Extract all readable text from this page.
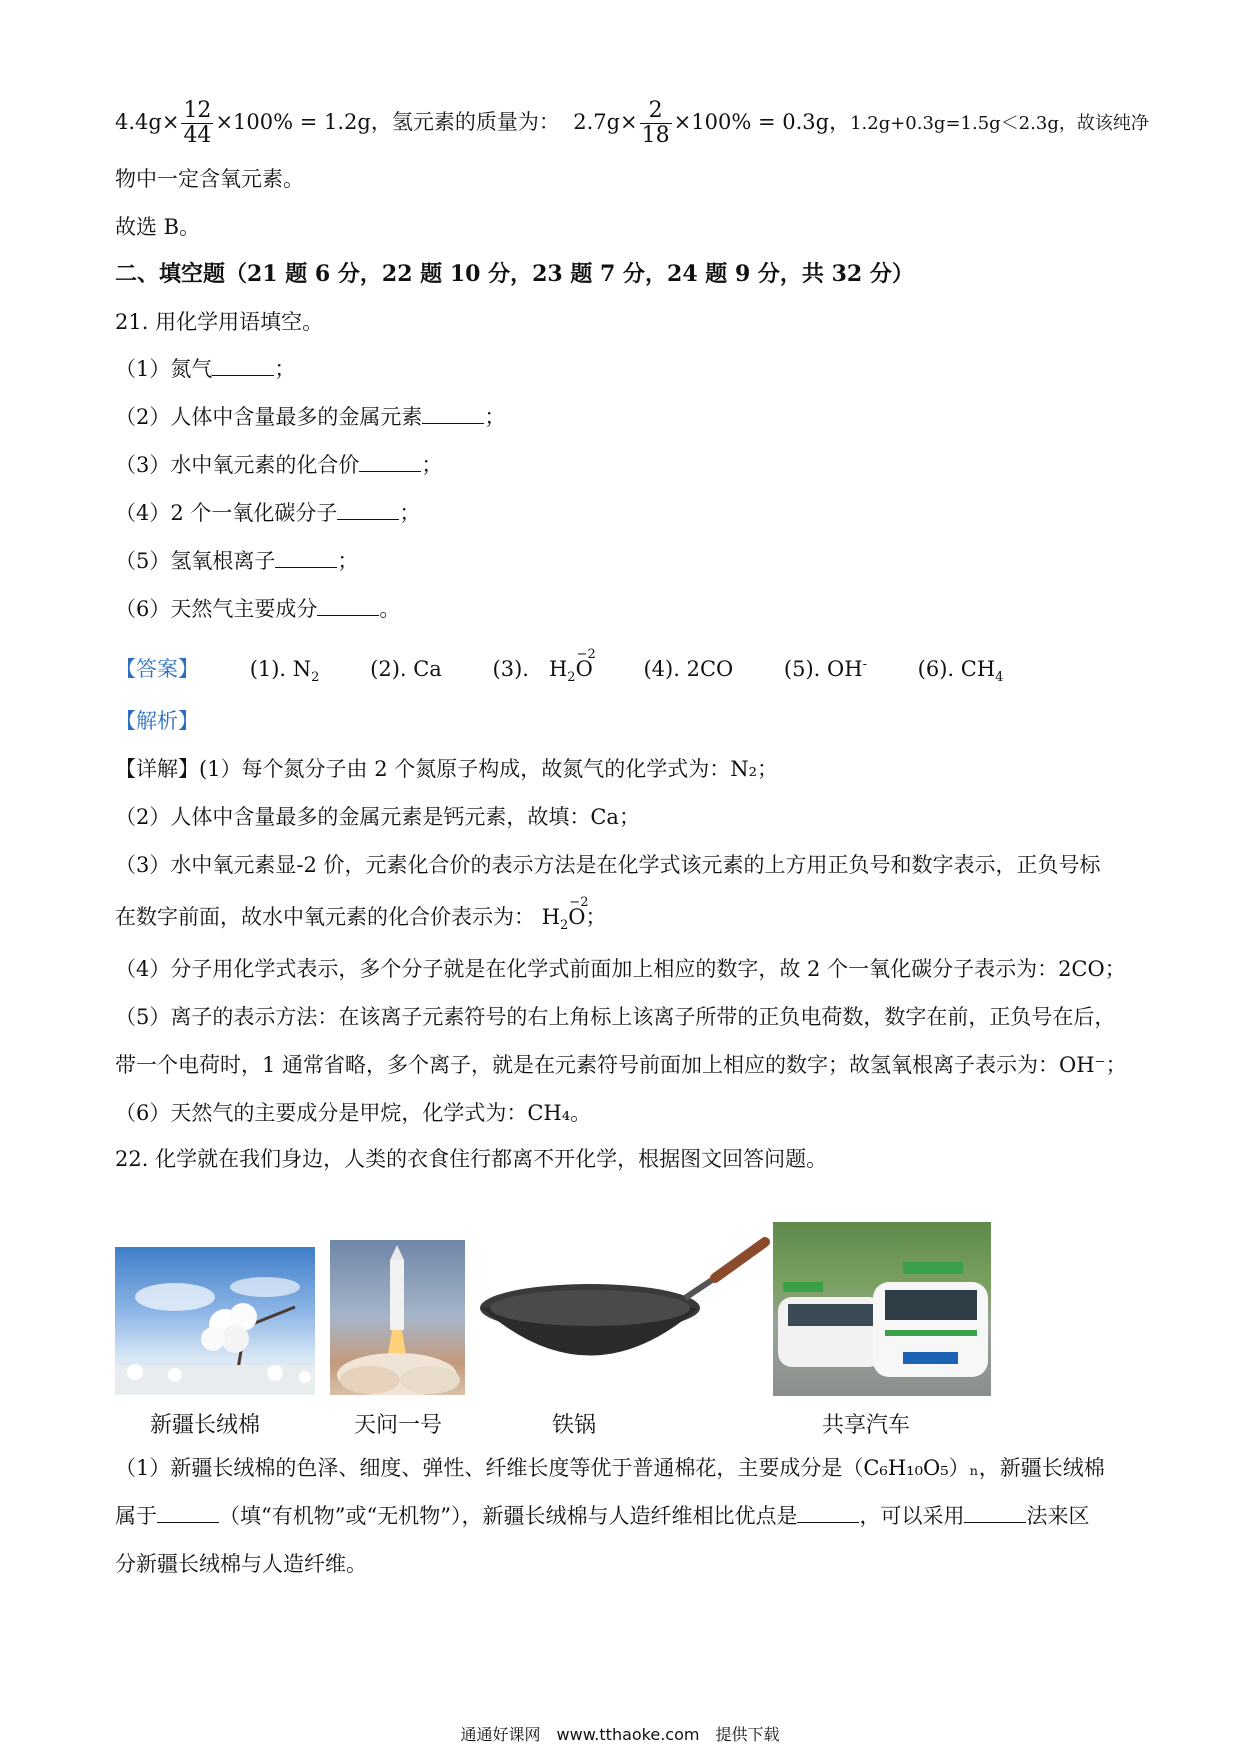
$4.4g\times \frac{12}{44} \times 100\% = 1.2g$，氢元素的质量为： $2.7g\times \frac{2}{18} \times 100\% = 0.3g$，1.2g+0.3g=1.5g＜2.3g，故该纯净
物中一定含氧元素。
故选 B。
二、填空题（21 题 6 分，22 题 10 分，23 题 7 分，24 题 9 分，共 32 分）
21. 用化学用语填空。
（1）氮气	；
（2）人体中含量最多的金属元素	；
（3）水中氧元素的化合价	；
（4）2 个一氧化碳分子	；
（5）氢氧根离子	；
（6）天然气主要成分	。
【答案】 (1). $N_2$ (2). Ca (3). $H_2$
−2
O (4). 2CO (5). OH- (6). $CH_4$
【解析】
【详解】(1）每个氮分子由 2 个氮原子构成，故氮气的化学式为：N₂；
（2）人体中含量最多的金属元素是钙元素，故填：Ca；
（3）水中氧元素显-2 价，元素化合价的表示方法是在化学式该元素的上方用正负号和数字表示，正负号标
在数字前面，故水中氧元素的化合价表示为： $H_2$
−2
O；
（4）分子用化学式表示，多个分子就是在化学式前面加上相应的数字，故 2 个一氧化碳分子表示为：2CO；
（5）离子的表示方法：在该离子元素符号的右上角标上该离子所带的正负电荷数，数字在前，正负号在后，
带一个电荷时，1 通常省略，多个离子，就是在元素符号前面加上相应的数字；故氢氧根离子表示为：OH⁻；
（6）天然气的主要成分是甲烷，化学式为：CH₄。
22. 化学就在我们身边，人类的衣食住行都离不开化学，根据图文回答问题。
新疆长绒棉	天问一号	铁锅	共享汽车
（1）新疆长绒棉的色泽、细度、弹性、纤维长度等优于普通棉花，主要成分是（C₆H₁₀O₅）ₙ，新疆长绒棉
属于	（填“有机物”或“无机物”），新疆长绒棉与人造纤维相比优点是	，可以采用	法来区
分新疆长绒棉与人造纤维。
通通好课网　www.tthaoke.com　提供下载
